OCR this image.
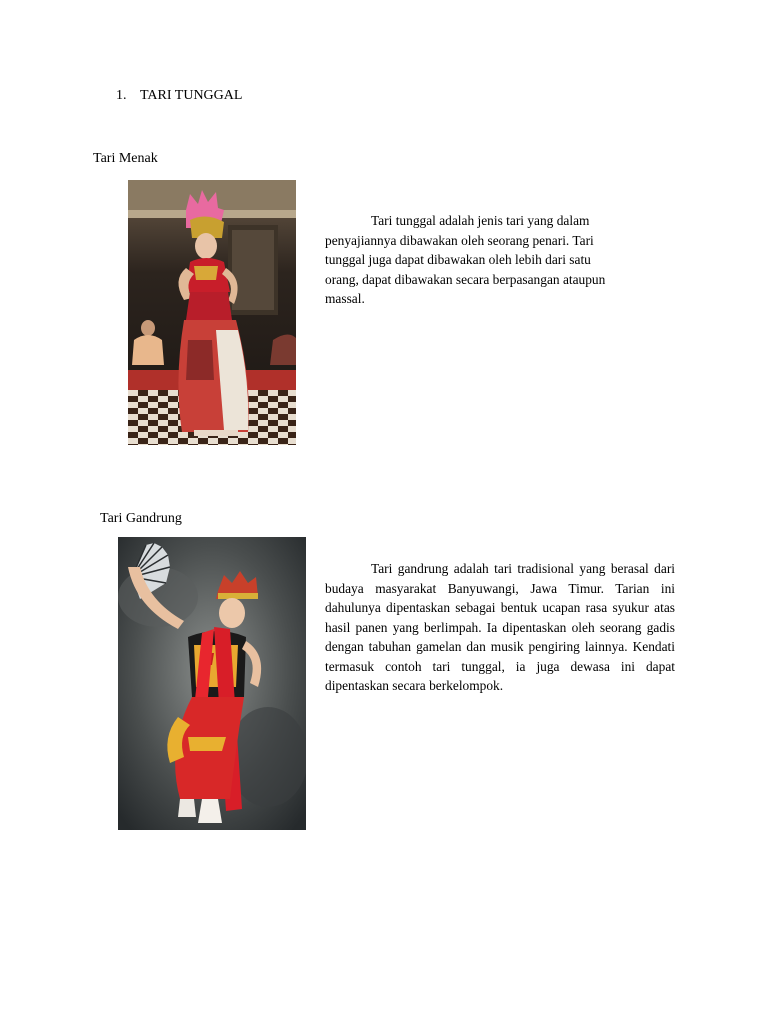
1. TARI TUNGGAL
Tari Menak
Tari tunggal adalah jenis tari yang dalam
penyajiannya dibawakan oleh seorang penari. Tari
tunggal juga dapat dibawakan oleh lebih dari satu
orang, dapat dibawakan secara berpasangan ataupun
massal.
Tari Gandrung
Tari gandrung adalah tari tradisional yang berasal dari budaya masyarakat Banyuwangi, Jawa Timur. Tarian ini dahulunya dipentaskan sebagai bentuk ucapan rasa syukur atas hasil panen yang berlimpah. Ia dipentaskan oleh seorang gadis dengan tabuhan gamelan dan musik pengiring lainnya. Kendati termasuk contoh tari tunggal, ia juga dewasa ini dapat dipentaskan secara berkelompok.
